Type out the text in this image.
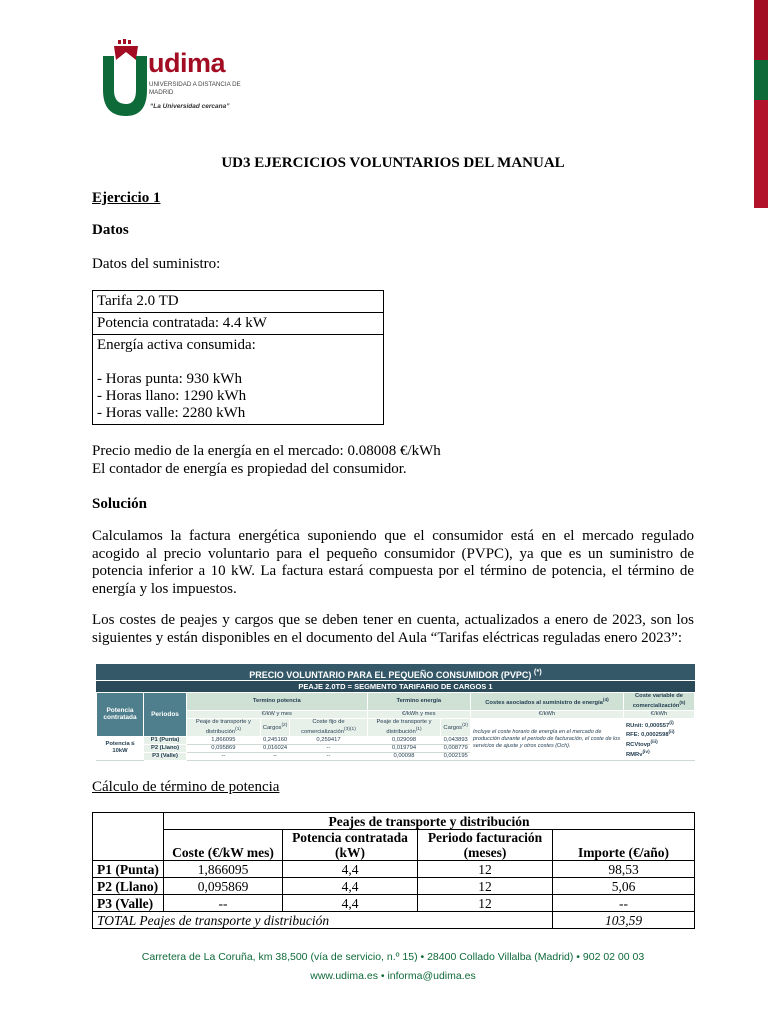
udima
UNIVERSIDAD A DISTANCIA DE MADRID
“La Universidad cercana”
UD3 EJERCICIOS VOLUNTARIOS DEL MANUAL
Ejercicio 1
Datos
Datos del suministro:
Tarifa 2.0 TD
Potencia contratada: 4.4 kW

Energía activa consumida:
- Horas punta: 930 kWh
- Horas llano: 1290 kWh
- Horas valle: 2280 kWh
Precio medio de la energía en el mercado: 0.08008 €/kWh
El contador de energía es propiedad del consumidor.
Solución
Calculamos la factura energética suponiendo que el consumidor está en el mercado regulado acogido al precio voluntario para el pequeño consumidor (PVPC), ya que es un suministro de potencia inferior a 10 kW. La factura estará compuesta por el término de potencia, el término de energía y los impuestos.
Los costes de peajes y cargos que se deben tener en cuenta, actualizados a enero de 2023, son los siguientes y están disponibles en el documento del Aula “Tarifas eléctricas reguladas enero 2023”:
PRECIO VOLUNTARIO PARA EL PEQUEÑO CONSUMIDOR (PVPC) (*)
PEAJE 2.0TD = SEGMENTO TARIFARIO DE CARGOS 1
Potencia contratada	Periodos	Termino potencia			Termino energía		Costes asociados al suministro de energía$^{(4)}$	Coste variable de comercialización$^{(5)}$
		€/kW y mes			€/kWh y mes		€/kWh	€/kWh
		Peaje de transporte y distribución$^{(1)}$	Cargos$^{(2)}$	Coste fijo de comercialización$^{(3)(1)}$	Peaje de transporte y distribución$^{(1)}$	Cargos$^{(2)}$	Incluye el coste horario de energía en el mercado de producción durante el periodo de facturación, el coste de los servicios de ajuste y otros costes (Och).	RUnit: 0,000557$^{(i)}$
RFE: 0,0002598$^{(ii)}$
RCVtovp$^{(iii)}$
RMRv$^{(iv)}$

Potencia ≤ 10kW	P1 (Punta)	1,866095	0,245160	0,259417	0,029098	0,043893		
	P2 (Llano)	0,095869	0,016024	--	0,019794	0,008779		
	P3 (Valle)	--	--	--	0,00098	0,002195		
Cálculo de término de potencia
	Peajes de transporte y distribución			
	Coste (€/kW mes)	Potencia contratada (kW)	Periodo facturación (meses)	Importe (€/año)
P1 (Punta)	1,866095	4,4	12	98,53
P2 (Llano)	0,095869	4,4	12	5,06
P3 (Valle)	--	4,4	12	--
TOTAL Peajes de transporte y distribución				103,59
Carretera de La Coruña, km 38,500 (vía de servicio, n.º 15) • 28400 Collado Villalba (Madrid) • 902 02 00 03
www.udima.es • informa@udima.es
